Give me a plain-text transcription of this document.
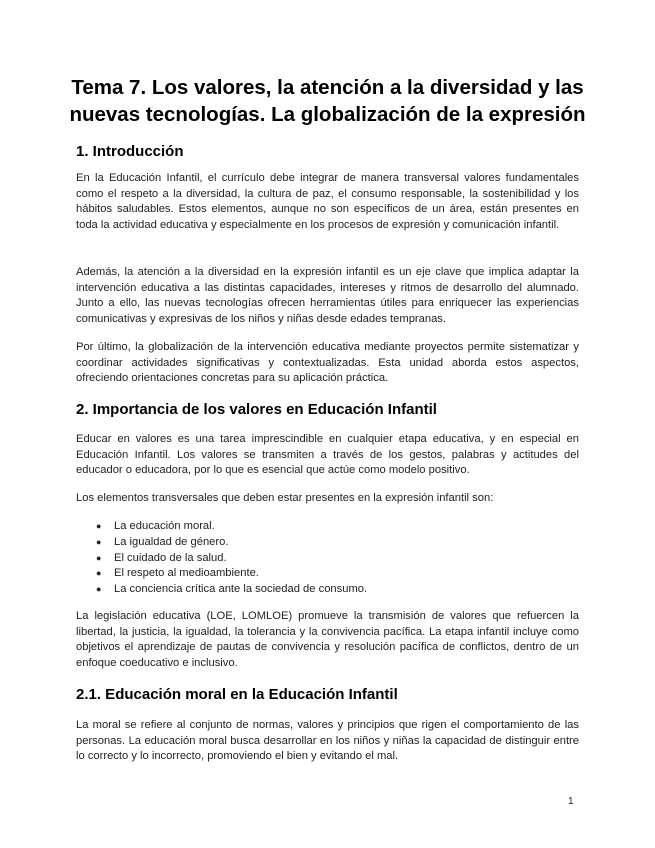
Tema 7. Los valores, la atención a la diversidad y las nuevas tecnologías. La globalización de la expresión
1. Introducción

En la Educación Infantil, el currículo debe integrar de manera transversal valores fundamentales como el respeto a la diversidad, la cultura de paz, el consumo responsable, la sostenibilidad y los hábitos saludables. Estos elementos, aunque no son específicos de un área, están presentes en toda la actividad educativa y especialmente en los procesos de expresión y comunicación infantil.

Además, la atención a la diversidad en la expresión infantil es un eje clave que implica adaptar la intervención educativa a las distintas capacidades, intereses y ritmos de desarrollo del alumnado. Junto a ello, las nuevas tecnologías ofrecen herramientas útiles para enriquecer las experiencias comunicativas y expresivas de los niños y niñas desde edades tempranas.

Por último, la globalización de la intervención educativa mediante proyectos permite sistematizar y coordinar actividades significativas y contextualizadas. Esta unidad aborda estos aspectos, ofreciendo orientaciones concretas para su aplicación práctica.

2. Importancia de los valores en Educación Infantil

Educar en valores es una tarea imprescindible en cualquier etapa educativa, y en especial en Educación Infantil. Los valores se transmiten a través de los gestos, palabras y actitudes del educador o educadora, por lo que es esencial que actúe como modelo positivo.

Los elementos transversales que deben estar presentes en la expresión infantil son:

● La educación moral.
● La igualdad de género.
● El cuidado de la salud.
● El respeto al medioambiente.
● La conciencia crítica ante la sociedad de consumo.

La legislación educativa (LOE, LOMLOE) promueve la transmisión de valores que refuercen la libertad, la justicia, la igualdad, la tolerancia y la convivencia pacífica. La etapa infantil incluye como objetivos el aprendizaje de pautas de convivencia y resolución pacífica de conflictos, dentro de un enfoque coeducativo e inclusivo.

2.1. Educación moral en la Educación Infantil

La moral se refiere al conjunto de normas, valores y principios que rigen el comportamiento de las personas. La educación moral busca desarrollar en los niños y niñas la capacidad de distinguir entre lo correcto y lo incorrecto, promoviendo el bien y evitando el mal.

1
